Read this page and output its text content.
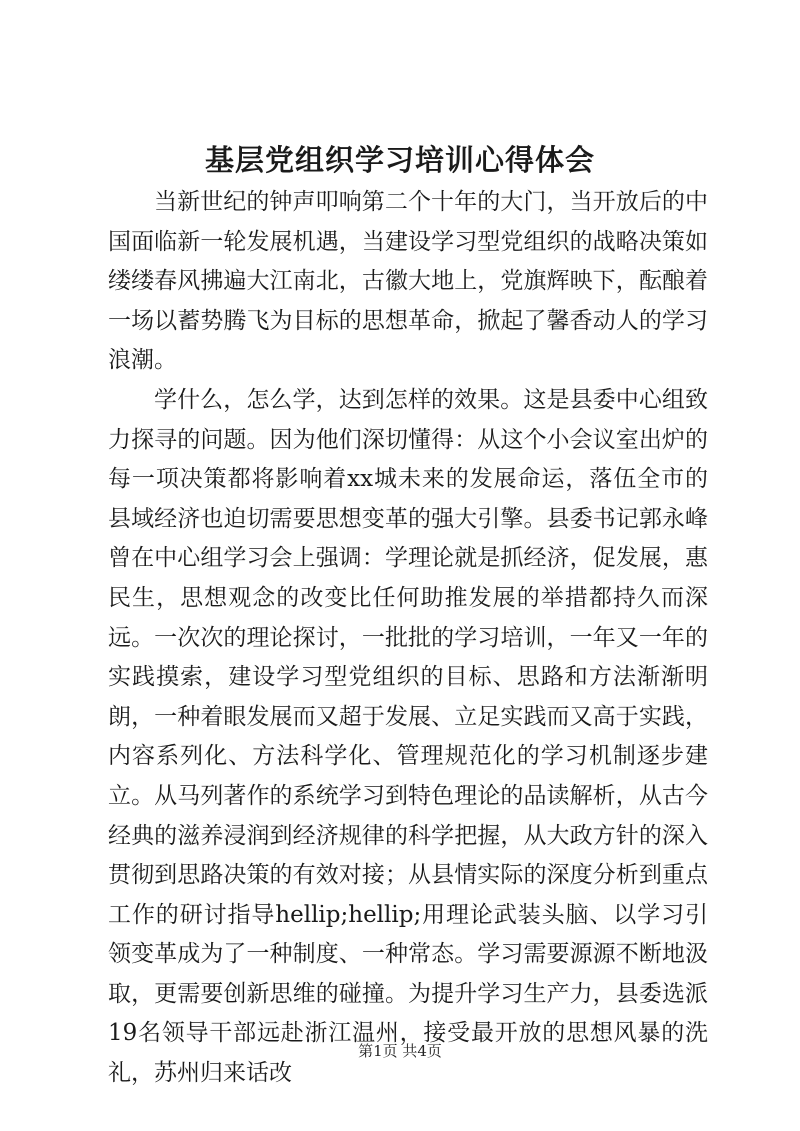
基层党组织学习培训心得体会

当新世纪的钟声叩响第二个十年的大门，当开放后的中国面临新一轮发展机遇，当建设学习型党组织的战略决策如缕缕春风拂遍大江南北，古徽大地上，党旗辉映下，酝酿着一场以蓄势腾飞为目标的思想革命，掀起了馨香动人的学习浪潮。

学什么，怎么学，达到怎样的效果。这是县委中心组致力探寻的问题。因为他们深切懂得：从这个小会议室出炉的每一项决策都将影响着xx城未来的发展命运，落伍全市的县域经济也迫切需要思想变革的强大引擎。县委书记郭永峰曾在中心组学习会上强调：学理论就是抓经济，促发展，惠民生，思想观念的改变比任何助推发展的举措都持久而深远。一次次的理论探讨，一批批的学习培训，一年又一年的实践摸索，建设学习型党组织的目标、思路和方法渐渐明朗，一种着眼发展而又超于发展、立足实践而又高于实践，内容系列化、方法科学化、管理规范化的学习机制逐步建立。从马列著作的系统学习到特色理论的品读解析，从古今经典的滋养浸润到经济规律的科学把握，从大政方针的深入贯彻到思路决策的有效对接；从县情实际的深度分析到重点工作的研讨指导hellip;hellip;用理论武装头脑、以学习引领变革成为了一种制度、一种常态。学习需要源源不断地汲取，更需要创新思维的碰撞。为提升学习生产力，县委选派19名领导干部远赴浙江温州，接受最开放的思想风暴的洗礼，苏州归来话改

第1页 共4页
